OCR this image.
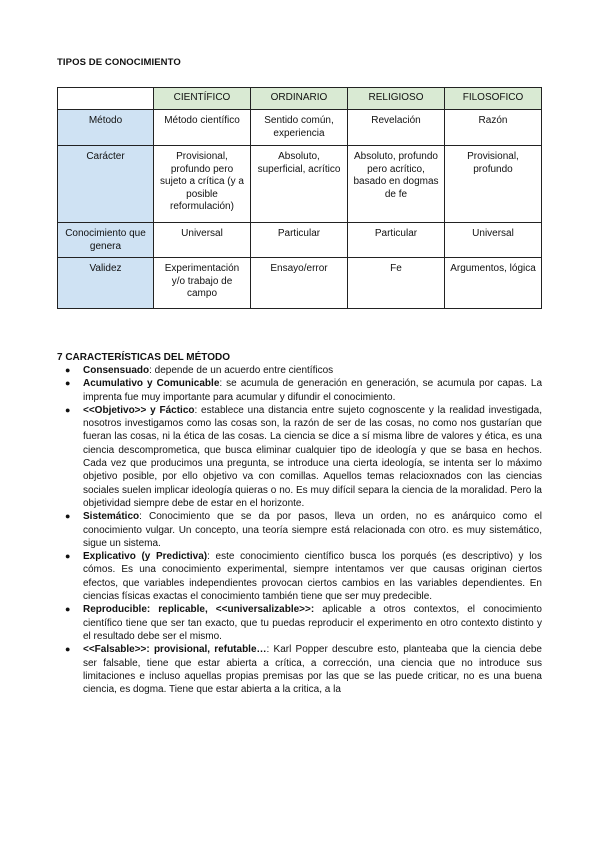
TIPOS DE CONOCIMIENTO
	CIENTÍFICO	ORDINARIO	RELIGIOSO	FILOSOFICO
Método	Método científico	Sentido común, experiencia	Revelación	Razón
Carácter	Provisional, profundo pero sujeto a crítica (y a posible reformulación)	Absoluto, superficial, acrítico	Absoluto, profundo pero acrítico, basado en dogmas de fe	Provisional, profundo
Conocimiento que genera	Universal	Particular	Particular	Universal
Validez	Experimentación y/o trabajo de campo	Ensayo/error	Fe	Argumentos, lógica
7 CARACTERÍSTICAS DEL MÉTODO
● Consensuado: depende de un acuerdo entre científicos
● Acumulativo y Comunicable: se acumula de generación en generación, se acumula por capas. La imprenta fue muy importante para acumular y difundir el conocimiento.
● <<Objetivo>> y Fáctico: establece una distancia entre sujeto cognoscente y la realidad investigada, nosotros investigamos como las cosas son, la razón de ser de las cosas, no como nos gustarían que fueran las cosas, ni la ética de las cosas. La ciencia se dice a sí misma libre de valores y ética, es una ciencia descomprometica, que busca eliminar cualquier tipo de ideología y que se basa en hechos. Cada vez que producimos una pregunta, se introduce una cierta ideología, se intenta ser lo máximo objetivo posible, por ello objetivo va con comillas. Aquellos temas relacioxnados con las ciencias sociales suelen implicar ideología quieras o no. Es muy difícil separa la ciencia de la moralidad. Pero la objetividad siempre debe de estar en el horizonte.
● Sistemático: Conocimiento que se da por pasos, lleva un orden, no es anárquico como el conocimiento vulgar. Un concepto, una teoría siempre está relacionada con otro. es muy sistemático, sigue un sistema.
● Explicativo (y Predictiva): este conocimiento científico busca los porqués (es descriptivo) y los cómos. Es una conocimiento experimental, siempre intentamos ver que causas originan ciertos efectos, que variables independientes provocan ciertos cambios en las variables dependientes. En ciencias físicas exactas el conocimiento también tiene que ser muy predecible.
● Reproducible: replicable, <<universalizable>>: aplicable a otros contextos, el conocimiento científico tiene que ser tan exacto, que tu puedas reproducir el experimento en otro contexto distinto y el resultado debe ser el mismo.
● <<Falsable>>: provisional, refutable…: Karl Popper descubre esto, planteaba que la ciencia debe ser falsable, tiene que estar abierta a crítica, a corrección, una ciencia que no introduce sus limitaciones e incluso aquellas propias premisas por las que se las puede criticar, no es una buena ciencia, es dogma. Tiene que estar abierta a la critica, a la
